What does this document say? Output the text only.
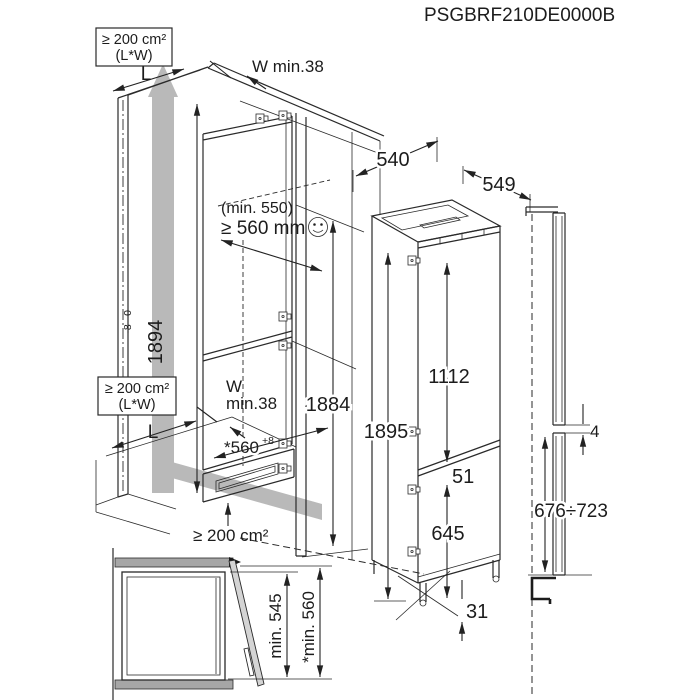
≥ 200 cm²
(L*W)
L	W min.38
(min. 550)
≥ 560 mm
1894
0
-8
≥ 200 cm²
(L*W)
L
W
min.38
*560 +8
1884
≥ 200 cm²
540
549
1895
1112
51
645
31
4
676÷723
min. 545 *min. 560
PSGBRF210DE0000B
